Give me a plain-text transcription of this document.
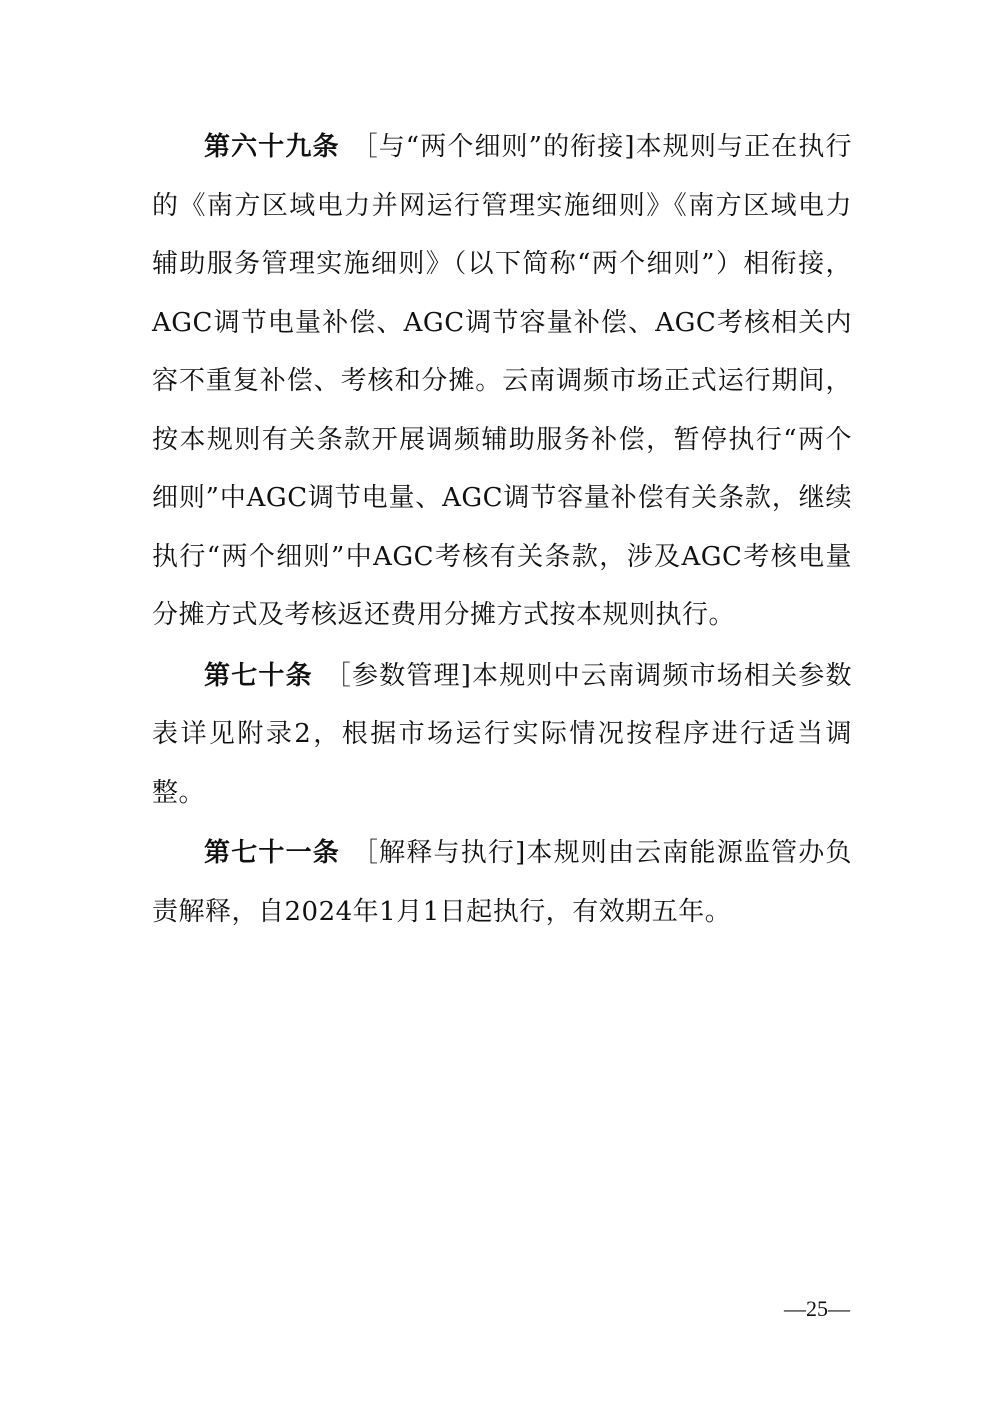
第六十九条 ［与“两个细则”的衔接]本规则与正在执行的《南方区域电力并网运行管理实施细则》《南方区域电力辅助服务管理实施细则》（以下简称“两个细则”）相衔接，AGC调节电量补偿、AGC调节容量补偿、AGC考核相关内容不重复补偿、考核和分摊。云南调频市场正式运行期间，按本规则有关条款开展调频辅助服务补偿，暂停执行“两个细则”中AGC调节电量、AGC调节容量补偿有关条款，继续执行“两个细则”中AGC考核有关条款，涉及AGC考核电量分摊方式及考核返还费用分摊方式按本规则执行。

第七十条 ［参数管理]本规则中云南调频市场相关参数表详见附录2，根据市场运行实际情况按程序进行适当调整。

第七十一条 ［解释与执行]本规则由云南能源监管办负责解释，自2024年1月1日起执行，有效期五年。

—25—
